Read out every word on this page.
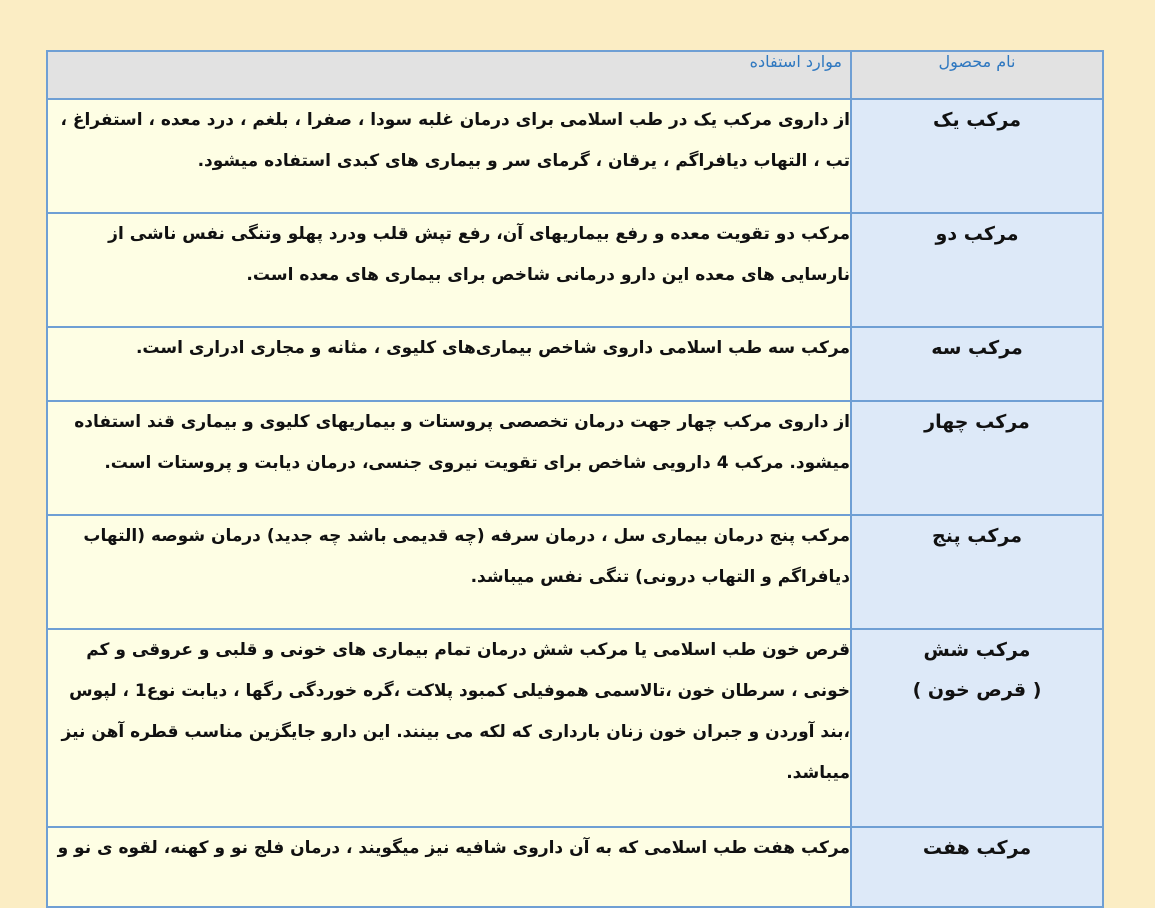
نام محصول	موارد استفاده

مرکب یک	از داروی مرکب یک در طب اسلامی برای درمان غلبه سودا ، صفرا ، بلغم ، درد معده ، استفراغ ، تب ، التهاب دیافراگم ، یرقان ، گرمای سر و بیماری های کبدی استفاده میشود.

مرکب دو	مرکب دو تقویت معده و رفع بیماریهای آن، رفع تپش قلب ودرد پهلو وتنگی نفس ناشی از نارسایی های معده این دارو درمانی شاخص برای بیماری های معده است.

مرکب سه	مرکب سه طب اسلامی داروی شاخص بیماری‌های کلیوی ، مثانه و مجاری ادراری است.

مرکب چهار	از داروی مرکب چهار جهت درمان تخصصی پروستات و بیماریهای کلیوی و بیماری قند استفاده میشود. مرکب 4 دارویی شاخص برای تقویت نیروی جنسی، درمان دیابت و پروستات است.

مرکب پنج	مرکب پنج درمان بیماری سل ، درمان سرفه (چه قدیمی باشد چه جدید) درمان شوصه (التهاب دیافراگم و التهاب درونی) تنگی نفس میباشد.

مرکب شش
( قرص خون )	قرص خون طب اسلامی یا مرکب شش درمان تمام بیماری های خونی و قلبی و عروقی و کم خونی ، سرطان خون ،تالاسمی هموفیلی کمبود پلاکت ،گره خوردگی رگها ، دیابت نوع1 ، لپوس ،بند آوردن و جبران خون زنان بارداری که لکه می بینند. این دارو جایگزین مناسب قطره آهن نیز میباشد.

مرکب هفت	مرکب هفت طب اسلامی که به آن داروی شافیه نیز میگویند ، درمان فلج نو و کهنه، لقوه ی نو و
